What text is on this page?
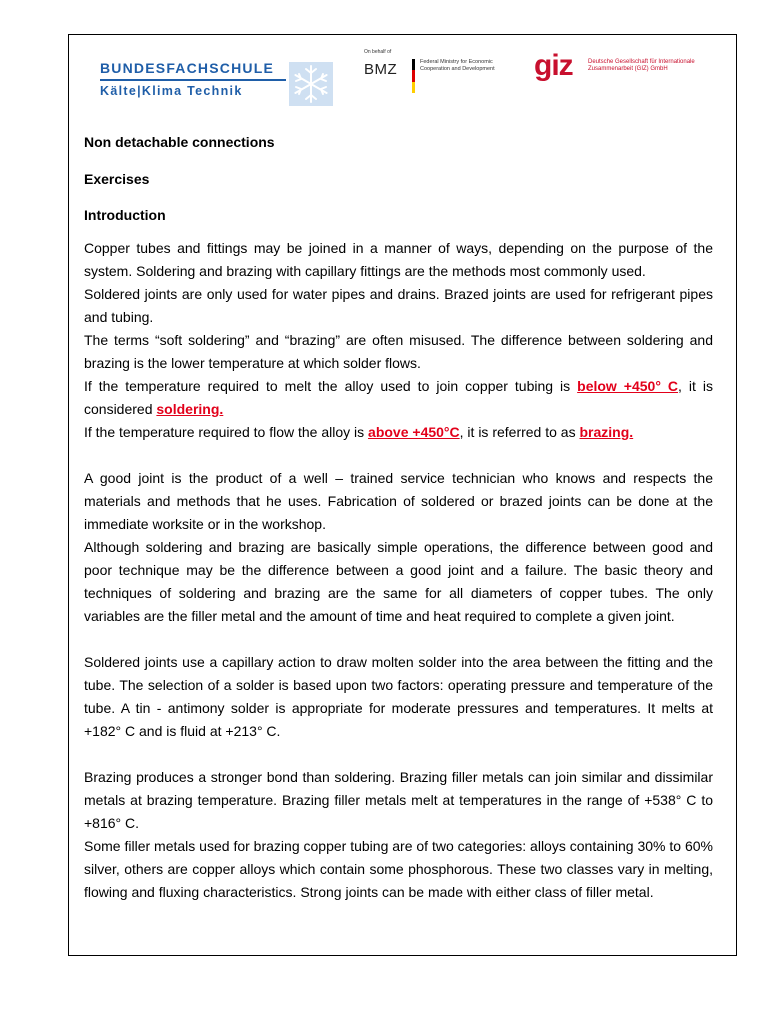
BUNDESFACHSCHULE
Kälte|Klima Technik
On behalf of
BMZ	Federal Ministry for Economic Cooperation and Development giz	Deutsche Gesellschaft für Internationale Zusammenarbeit (GIZ) GmbH
Non detachable connections
Exercises
Introduction

Copper tubes and fittings may be joined in a manner of ways, depending on the purpose of the system. Soldering and brazing with capillary fittings are the methods most commonly used.

Soldered joints are only used for water pipes and drains. Brazed joints are used for refrigerant pipes and tubing.

The terms “soft soldering” and “brazing” are often misused. The difference between soldering and brazing is the lower temperature at which solder flows.

If the temperature required to melt the alloy used to join copper tubing is below +450° C, it is considered soldering.

If the temperature required to flow the alloy is above +450°C, it is referred to as brazing.

A good joint is the product of a well – trained service technician who knows and respects the materials and methods that he uses. Fabrication of soldered or brazed joints can be done at the immediate worksite or in the workshop.

Although soldering and brazing are basically simple operations, the difference between good and poor technique may be the difference between a good joint and a failure. The basic theory and techniques of soldering and brazing are the same for all diameters of copper tubes. The only variables are the filler metal and the amount of time and heat required to complete a given joint.

Soldered joints use a capillary action to draw molten solder into the area between the fitting and the tube. The selection of a solder is based upon two factors: operating pressure and temperature of the tube. A tin - antimony solder is appropriate for moderate pressures and temperatures. It melts at +182° C and is fluid at +213° C.

Brazing produces a stronger bond than soldering. Brazing filler metals can join similar and dissimilar metals at brazing temperature. Brazing filler metals melt at temperatures in the range of +538° C to +816° C.

Some filler metals used for brazing copper tubing are of two categories: alloys containing 30% to 60% silver, others are copper alloys which contain some phosphorous. These two classes vary in melting, flowing and fluxing characteristics. Strong joints can be made with either class of filler metal.
